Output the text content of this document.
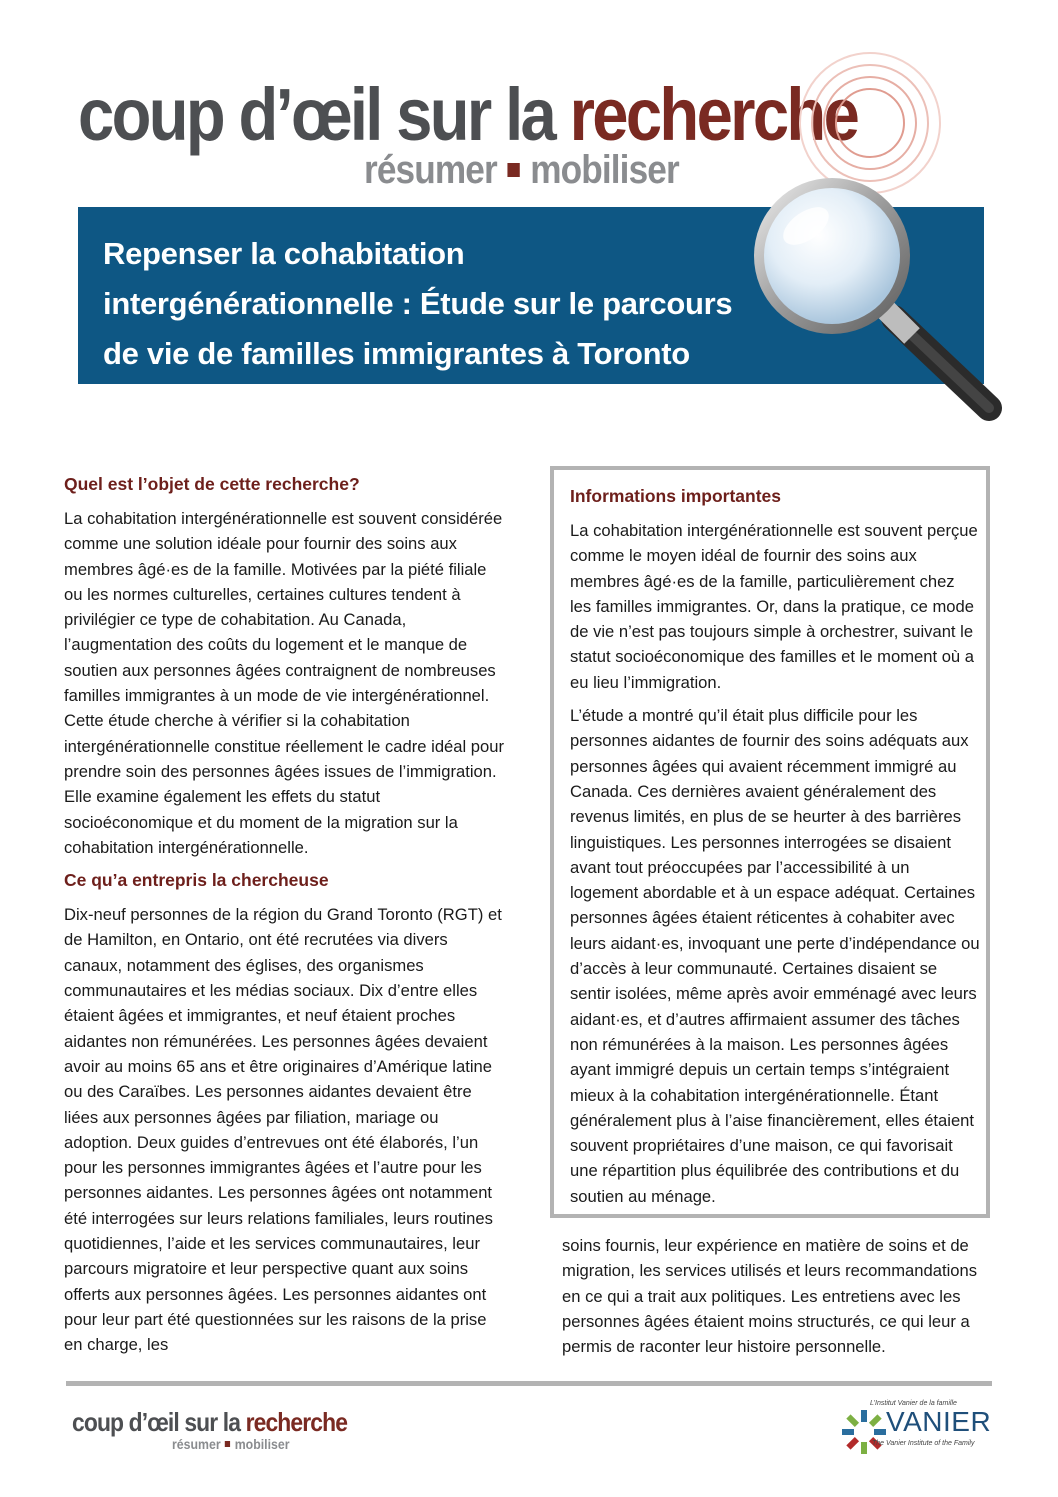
coup d’œil sur la recherche
résumer mobiliser
Repenser la cohabitation intergénérationnelle : Étude sur le parcours de vie de familles immigrantes à Toronto
Quel est l’objet de cette recherche?

La cohabitation intergénérationnelle est souvent considérée comme une solution idéale pour fournir des soins aux membres âgé·es de la famille. Motivées par la piété filiale ou les normes culturelles, certaines cultures tendent à privilégier ce type de cohabitation. Au Canada, l’augmentation des coûts du logement et le manque de soutien aux personnes âgées contraignent de nombreuses familles immigrantes à un mode de vie intergénérationnel. Cette étude cherche à vérifier si la cohabitation intergénérationnelle constitue réellement le cadre idéal pour prendre soin des personnes âgées issues de l’immigration. Elle examine également les effets du statut socioéconomique et du moment de la migration sur la cohabitation intergénérationnelle.

Ce qu’a entrepris la chercheuse

Dix-neuf personnes de la région du Grand Toronto (RGT) et de Hamilton, en Ontario, ont été recrutées via divers canaux, notamment des églises, des organismes communautaires et les médias sociaux. Dix d’entre elles étaient âgées et immigrantes, et neuf étaient proches aidantes non rémunérées. Les personnes âgées devaient avoir au moins 65 ans et être originaires d’Amérique latine ou des Caraïbes. Les personnes aidantes devaient être liées aux personnes âgées par filiation, mariage ou adoption. Deux guides d’entrevues ont été élaborés, l’un pour les personnes immigrantes âgées et l’autre pour les personnes aidantes. Les personnes âgées ont notamment été interrogées sur leurs relations familiales, leurs routines quotidiennes, l’aide et les services communautaires, leur parcours migratoire et leur perspective quant aux soins offerts aux personnes âgées. Les personnes aidantes ont pour leur part été questionnées sur les raisons de la prise en charge, les

Informations importantes

La cohabitation intergénérationnelle est souvent perçue comme le moyen idéal de fournir des soins aux membres âgé·es de la famille, particulièrement chez les familles immigrantes. Or, dans la pratique, ce mode de vie n’est pas toujours simple à orchestrer, suivant le statut socioéconomique des familles et le moment où a eu lieu l’immigration.

L’étude a montré qu’il était plus difficile pour les personnes aidantes de fournir des soins adéquats aux personnes âgées qui avaient récemment immigré au Canada. Ces dernières avaient généralement des revenus limités, en plus de se heurter à des barrières linguistiques. Les personnes interrogées se disaient avant tout préoccupées par l’accessibilité à un logement abordable et à un espace adéquat. Certaines personnes âgées étaient réticentes à cohabiter avec leurs aidant·es, invoquant une perte d’indépendance ou d’accès à leur communauté. Certaines disaient se sentir isolées, même après avoir emménagé avec leurs aidant·es, et d’autres affirmaient assumer des tâches non rémunérées à la maison. Les personnes âgées ayant immigré depuis un certain temps s’intégraient mieux à la cohabitation intergénérationnelle. Étant généralement plus à l’aise financièrement, elles étaient souvent propriétaires d’une maison, ce qui favorisait une répartition plus équilibrée des contributions et du soutien au ménage.

soins fournis, leur expérience en matière de soins et de migration, les services utilisés et leurs recommandations en ce qui a trait aux politiques. Les entretiens avec les personnes âgées étaient moins structurés, ce qui leur a permis de raconter leur histoire personnelle.

coup d’œil sur la recherche
résumer mobiliser
L’Institut Vanier de la famille
VANIER
The Vanier Institute of the Family
